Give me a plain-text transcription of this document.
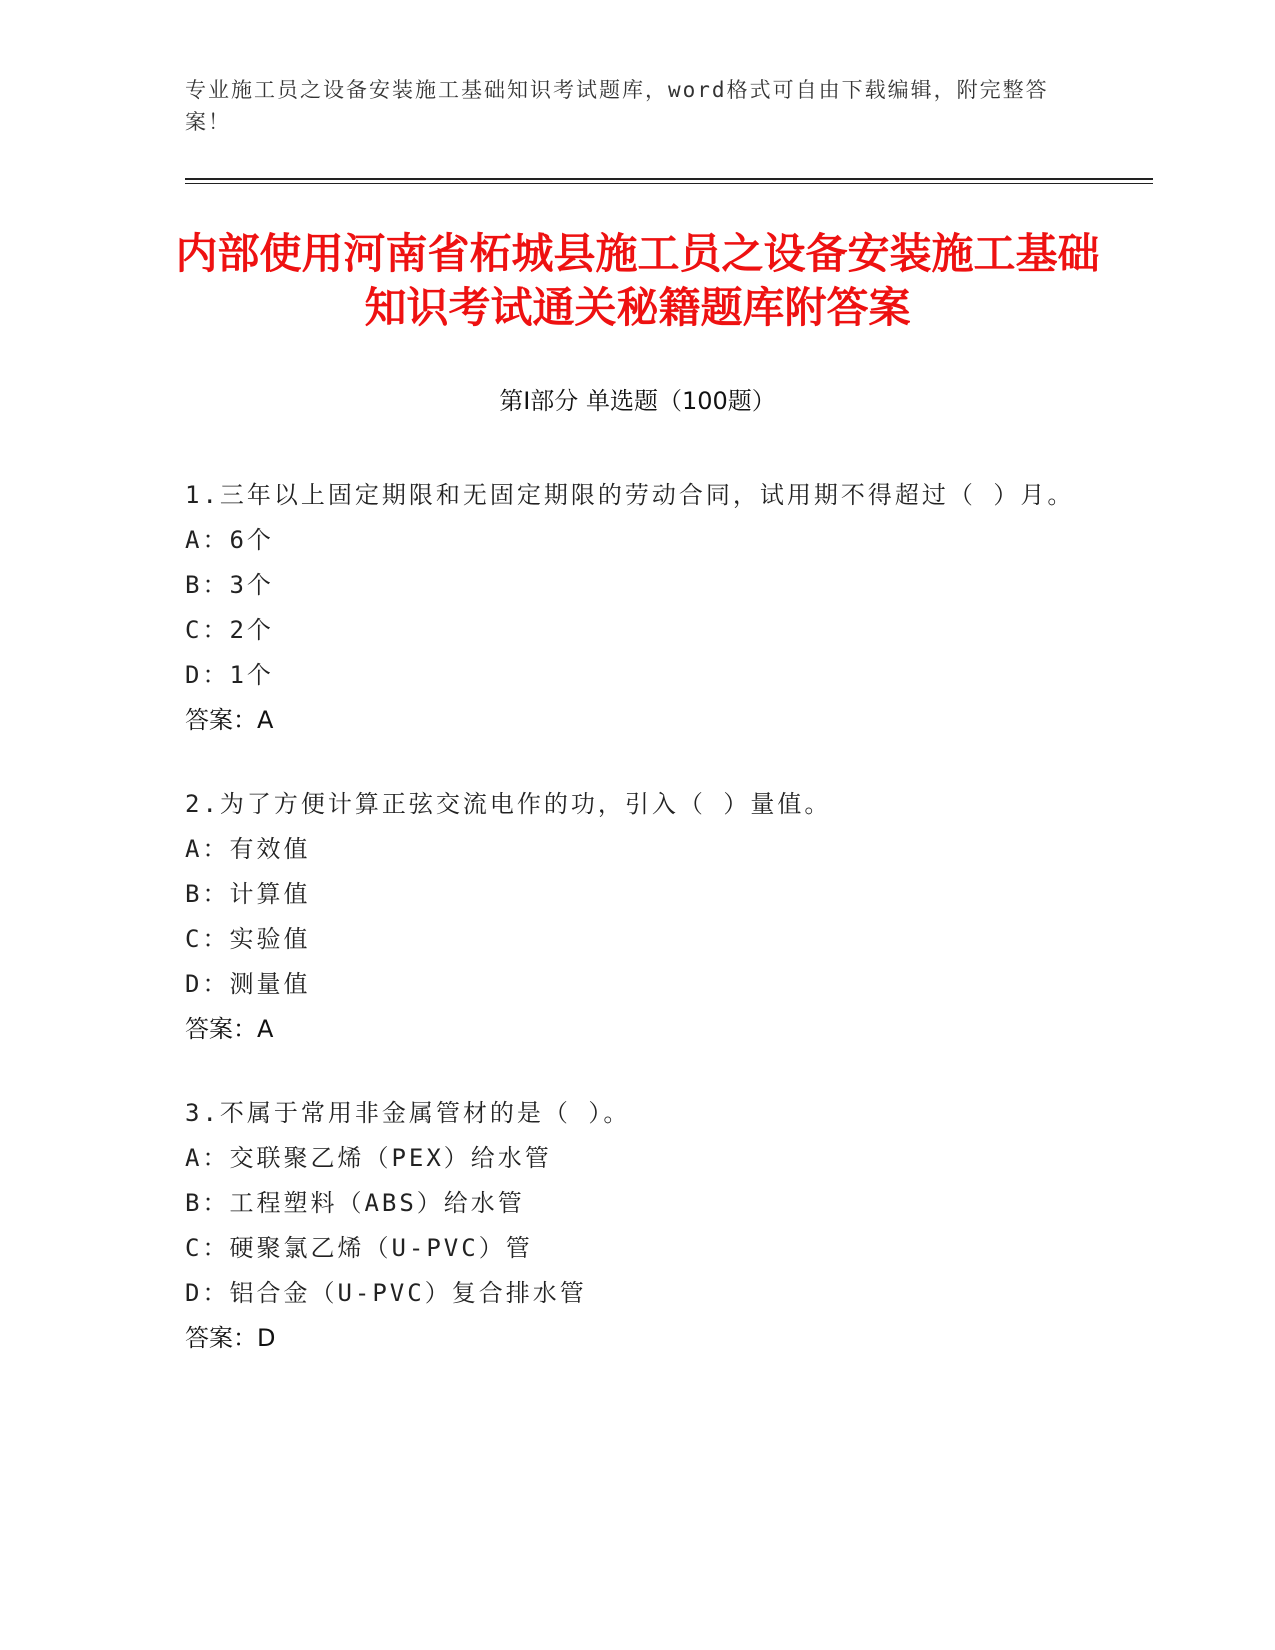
专业施工员之设备安装施工基础知识考试题库，word格式可自由下载编辑，附完整答案！
内部使用河南省柘城县施工员之设备安装施工基础知识考试通关秘籍题库附答案
第Ⅰ部分 单选题（100题）
1.三年以上固定期限和无固定期限的劳动合同，试用期不得超过（ ）月。
A：6个
B：3个
C：2个
D：1个
答案：A
2.为了方便计算正弦交流电作的功，引入（ ）量值。
A：有效值
B：计算值
C：实验值
D：测量值
答案：A
3.不属于常用非金属管材的是（ ）。
A：交联聚乙烯（PEX）给水管
B：工程塑料（ABS）给水管
C：硬聚氯乙烯（U-PVC）管
D：铝合金（U-PVC）复合排水管
答案：D
